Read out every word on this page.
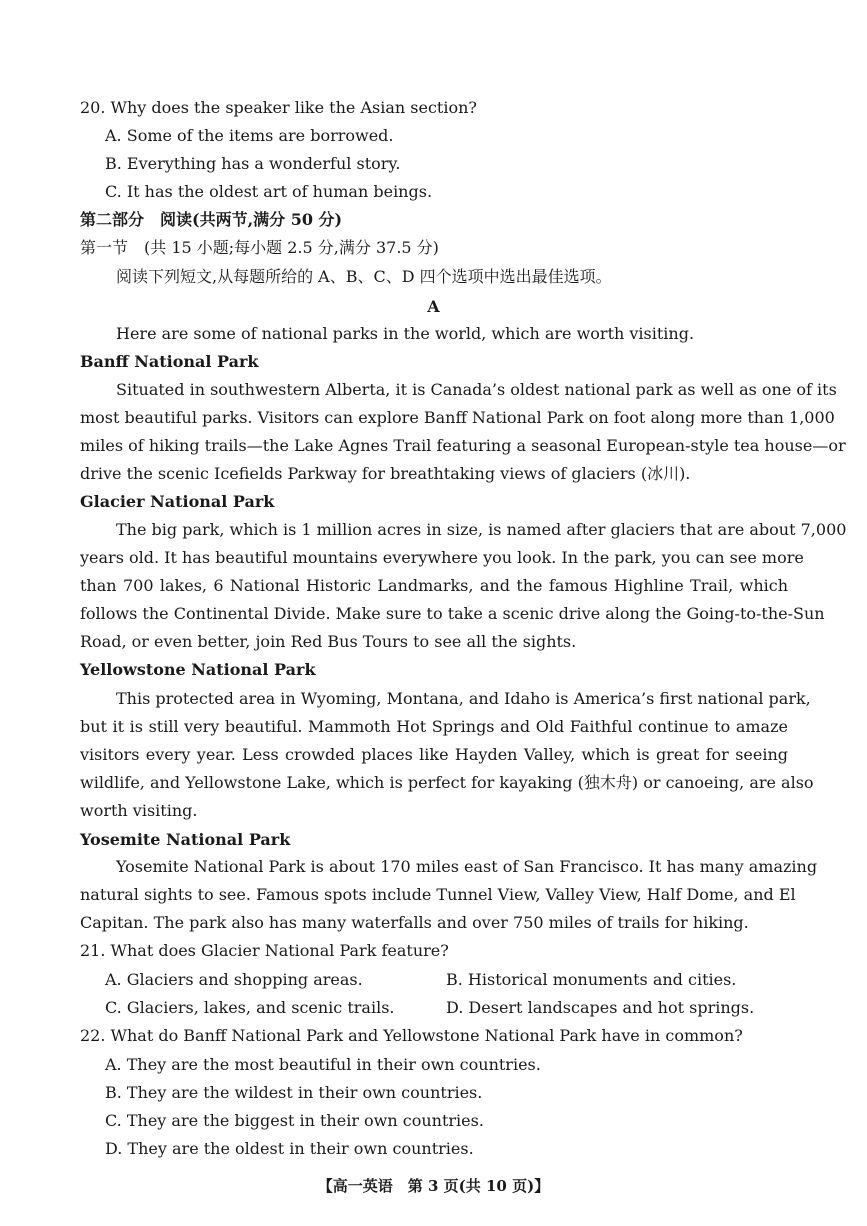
20. Why does the speaker like the Asian section?
A. Some of the items are borrowed.
B. Everything has a wonderful story.
C. It has the oldest art of human beings.
第二部分　阅读(共两节,满分 50 分)
第一节　(共 15 小题;每小题 2.5 分,满分 37.5 分)
阅读下列短文,从每题所给的 A、B、C、D 四个选项中选出最佳选项。
A
Here are some of national parks in the world, which are worth visiting.
Banff National Park
Situated in southwestern Alberta, it is Canada’s oldest national park as well as one of its
most beautiful parks. Visitors can explore Banff National Park on foot along more than 1,000
miles of hiking trails—the Lake Agnes Trail featuring a seasonal European-style tea house—or
drive the scenic Icefields Parkway for breathtaking views of glaciers (冰川).
Glacier National Park
The big park, which is 1 million acres in size, is named after glaciers that are about 7,000
years old. It has beautiful mountains everywhere you look. In the park, you can see more
than 700 lakes, 6 National Historic Landmarks, and the famous Highline Trail, which
follows the Continental Divide. Make sure to take a scenic drive along the Going-to-the-Sun
Road, or even better, join Red Bus Tours to see all the sights.
Yellowstone National Park
This protected area in Wyoming, Montana, and Idaho is America’s first national park,
but it is still very beautiful. Mammoth Hot Springs and Old Faithful continue to amaze
visitors every year. Less crowded places like Hayden Valley, which is great for seeing
wildlife, and Yellowstone Lake, which is perfect for kayaking (独木舟) or canoeing, are also
worth visiting.
Yosemite National Park
Yosemite National Park is about 170 miles east of San Francisco. It has many amazing
natural sights to see. Famous spots include Tunnel View, Valley View, Half Dome, and El
Capitan. The park also has many waterfalls and over 750 miles of trails for hiking.
21. What does Glacier National Park feature?
A. Glaciers and shopping areas.	B. Historical monuments and cities.
C. Glaciers, lakes, and scenic trails.	D. Desert landscapes and hot springs.
22. What do Banff National Park and Yellowstone National Park have in common?
A. They are the most beautiful in their own countries.
B. They are the wildest in their own countries.
C. They are the biggest in their own countries.
D. They are the oldest in their own countries.
【高一英语　第 3 页(共 10 页)】
